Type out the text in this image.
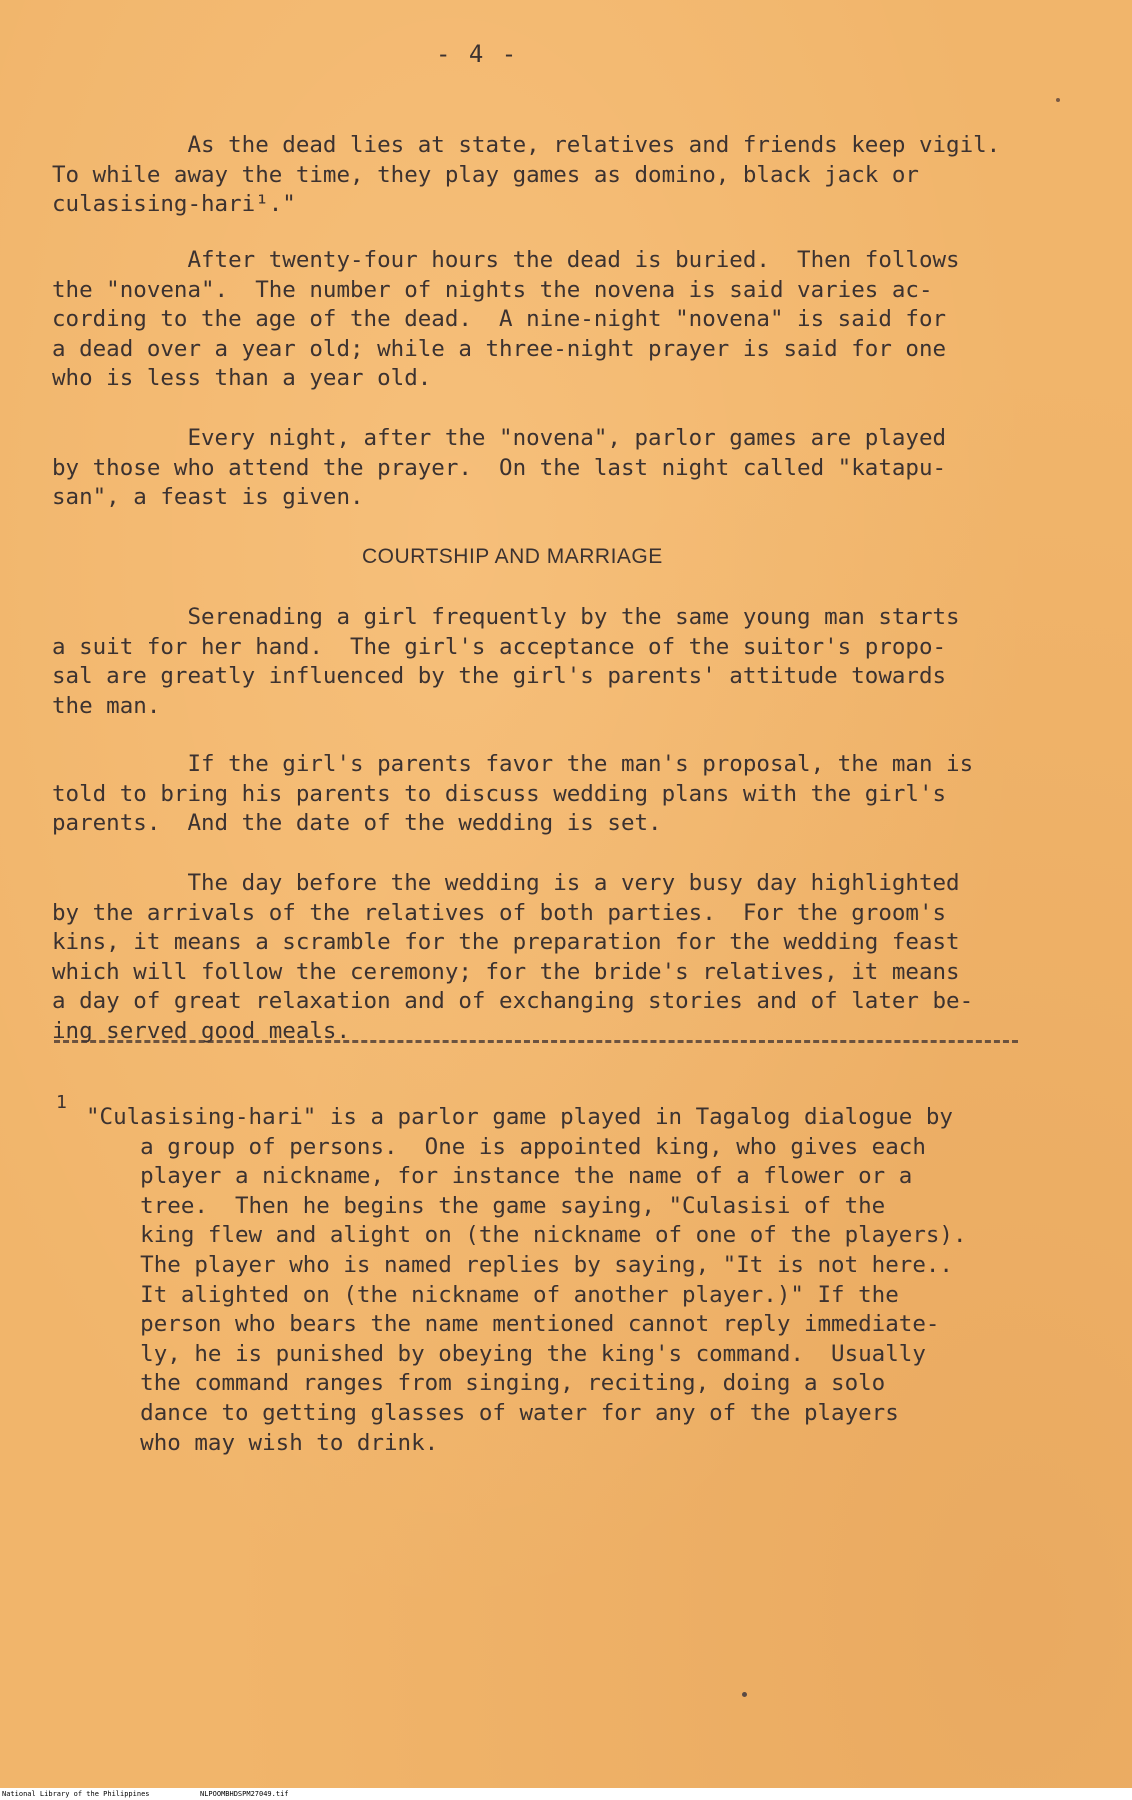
- 4 -
As the dead lies at state, relatives and friends keep vigil.
To while away the time, they play games as domino, black jack or
culasising-hari¹."
After twenty-four hours the dead is buried.  Then follows
the "novena".  The number of nights the novena is said varies ac-
cording to the age of the dead.  A nine-night "novena" is said for
a dead over a year old; while a three-night prayer is said for one
who is less than a year old.
Every night, after the "novena", parlor games are played
by those who attend the prayer.  On the last night called "katapu-
san", a feast is given.
COURTSHIP AND MARRIAGE
Serenading a girl frequently by the same young man starts
a suit for her hand.  The girl's acceptance of the suitor's propo-
sal are greatly influenced by the girl's parents' attitude towards
the man.
If the girl's parents favor the man's proposal, the man is
told to bring his parents to discuss wedding plans with the girl's
parents.  And the date of the wedding is set.
The day before the wedding is a very busy day highlighted
by the arrivals of the relatives of both parties.  For the groom's
kins, it means a scramble for the preparation for the wedding feast
which will follow the ceremony; for the bride's relatives, it means
a day of great relaxation and of exchanging stories and of later be-
ing served good meals.
1
"Culasising-hari" is a parlor game played in Tagalog dialogue by
a group of persons.  One is appointed king, who gives each
player a nickname, for instance the name of a flower or a
tree.  Then he begins the game saying, "Culasisi of the
king flew and alight on (the nickname of one of the players).
The player who is named replies by saying, "It is not here..
It alighted on (the nickname of another player.)" If the
person who bears the name mentioned cannot reply immediate-
ly, he is punished by obeying the king's command.  Usually
the command ranges from singing, reciting, doing a solo
dance to getting glasses of water for any of the players
who may wish to drink.
National Library of the Philippines	NLPOOMBHDSPM27049.tif
